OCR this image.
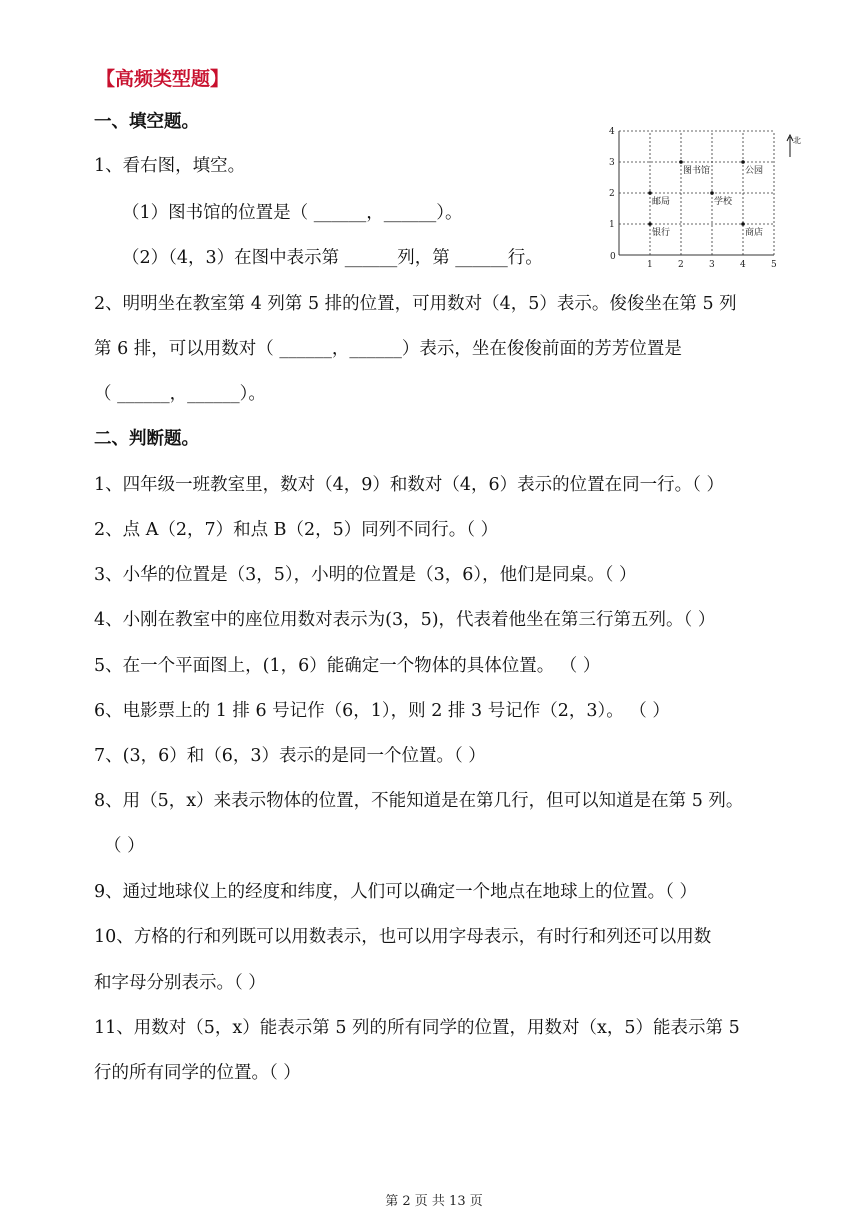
【高频类型题】
一、填空题。
1、看右图，填空。
（1）图书馆的位置是（ ______，______）。
（2）（4，3）在图中表示第 ______列，第 ______行。
2、明明坐在教室第 4 列第 5 排的位置，可用数对（4，5）表示。俊俊坐在第 5 列
第 6 排，可以用数对（ ______，______）表示，坐在俊俊前面的芳芳位置是
（ ______，______）。
二、判断题。
1、四年级一班教室里，数对（4，9）和数对（4，6）表示的位置在同一行。（ ）
2、点 A（2，7）和点 B（2，5）同列不同行。（ ）
3、小华的位置是（3，5），小明的位置是（3，6），他们是同桌。（ ）
4、小刚在教室中的座位用数对表示为(3，5)，代表着他坐在第三行第五列。（ ）
5、在一个平面图上，(1，6）能确定一个物体的具体位置。 （ ）
6、电影票上的 1 排 6 号记作（6，1），则 2 排 3 号记作（2，3）。 （ ）
7、(3，6）和（6，3）表示的是同一个位置。（ ）
8、用（5，x）来表示物体的位置，不能知道是在第几行，但可以知道是在第 5 列。
（ ）
9、通过地球仪上的经度和纬度，人们可以确定一个地点在地球上的位置。（ ）
10、方格的行和列既可以用数表示，也可以用字母表示，有时行和列还可以用数
和字母分别表示。（ ）
11、用数对（5，x）能表示第 5 列的所有同学的位置，用数对（x，5）能表示第 5
行的所有同学的位置。（ ）
0
1	2	3	4	5
1
2
3
4
图书馆	公园
邮局	学校
银行	商店
北
第 2 页 共 13 页
